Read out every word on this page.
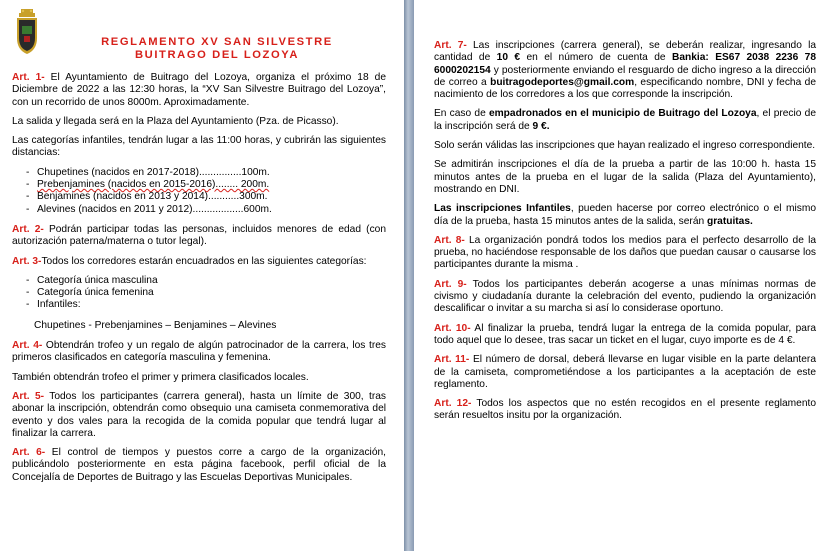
REGLAMENTO XV SAN SILVESTRE
BUITRAGO DEL LOZOYA

Art. 1- El Ayuntamiento de Buitrago del Lozoya, organiza el próximo 18 de Diciembre de 2022 a las 12:30 horas, la “XV San Silvestre Buitrago del Lozoya”, con un recorrido de unos 8000m. Aproximadamente.

La salida y llegada será en la Plaza del Ayuntamiento (Pza. de Picasso).

Las categorías infantiles, tendrán lugar a las 11:00 horas, y cubrirán las siguientes distancias:

- Chupetines (nacidos en 2017-2018)...............100m.
- Prebenjamines (nacidos en 2015-2016)........ 200m.
- Benjamines (nacidos en 2013 y 2014)...........300m.
- Alevines (nacidos en 2011 y 2012)..................600m.

Art. 2- Podrán participar todas las personas, incluidos menores de edad (con autorización paterna/materna o tutor legal).

Art. 3-Todos los corredores estarán encuadrados en las siguientes categorías:

- Categoría única masculina
- Categoría única femenina
- Infantiles:

Chupetines - Prebenjamines – Benjamines – Alevines

Art. 4- Obtendrán trofeo y un regalo de algún patrocinador de la carrera, los tres primeros clasificados en categoría masculina y femenina.

También obtendrán trofeo el primer y primera clasificados locales.

Art. 5- Todos los participantes (carrera general), hasta un límite de 300, tras abonar la inscripción, obtendrán como obsequio una camiseta conmemorativa del evento y dos vales para la recogida de la comida popular que tendrá lugar al finalizar la carrera.

Art. 6- El control de tiempos y puestos corre a cargo de la organización, publicándolo posteriormente en esta página facebook, perfil oficial de la Concejalía de Deportes de Buitrago y las Escuelas Deportivas Municipales.

Art. 7- Las inscripciones (carrera general), se deberán realizar, ingresando la cantidad de 10 € en el número de cuenta de Bankia: ES67 2038 2236 78 6000202154 y posteriormente enviando el resguardo de dicho ingreso a la dirección de correo a buitragodeportes@gmail.com, especificando nombre, DNI y fecha de nacimiento de los corredores a los que corresponde la inscripción.

En caso de empadronados en el municipio de Buitrago del Lozoya, el precio de la inscripción será de 9 €.

Solo serán válidas las inscripciones que hayan realizado el ingreso correspondiente.

Se admitirán inscripciones el día de la prueba a partir de las 10:00 h. hasta 15 minutos antes de la prueba en el lugar de la salida (Plaza del Ayuntamiento), mostrando en DNI.

Las inscripciones Infantiles, pueden hacerse por correo electrónico o el mismo día de la prueba, hasta 15 minutos antes de la salida, serán gratuitas.

Art. 8- La organización pondrá todos los medios para el perfecto desarrollo de la prueba, no haciéndose responsable de los daños que puedan causar o causarse los participantes durante la misma .

Art. 9- Todos los participantes deberán acogerse a unas mínimas normas de civismo y ciudadanía durante la celebración del evento, pudiendo la organización descalificar o invitar a su marcha si así lo considerase oportuno.

Art. 10- Al finalizar la prueba, tendrá lugar la entrega de la comida popular, para todo aquel que lo desee, tras sacar un ticket en el lugar, cuyo importe es de 4 €.

Art. 11- El número de dorsal, deberá llevarse en lugar visible en la parte delantera de la camiseta, comprometiéndose a los participantes a la aceptación de este reglamento.

Art. 12- Todos los aspectos que no estén recogidos en el presente reglamento serán resueltos insitu por la organización.
